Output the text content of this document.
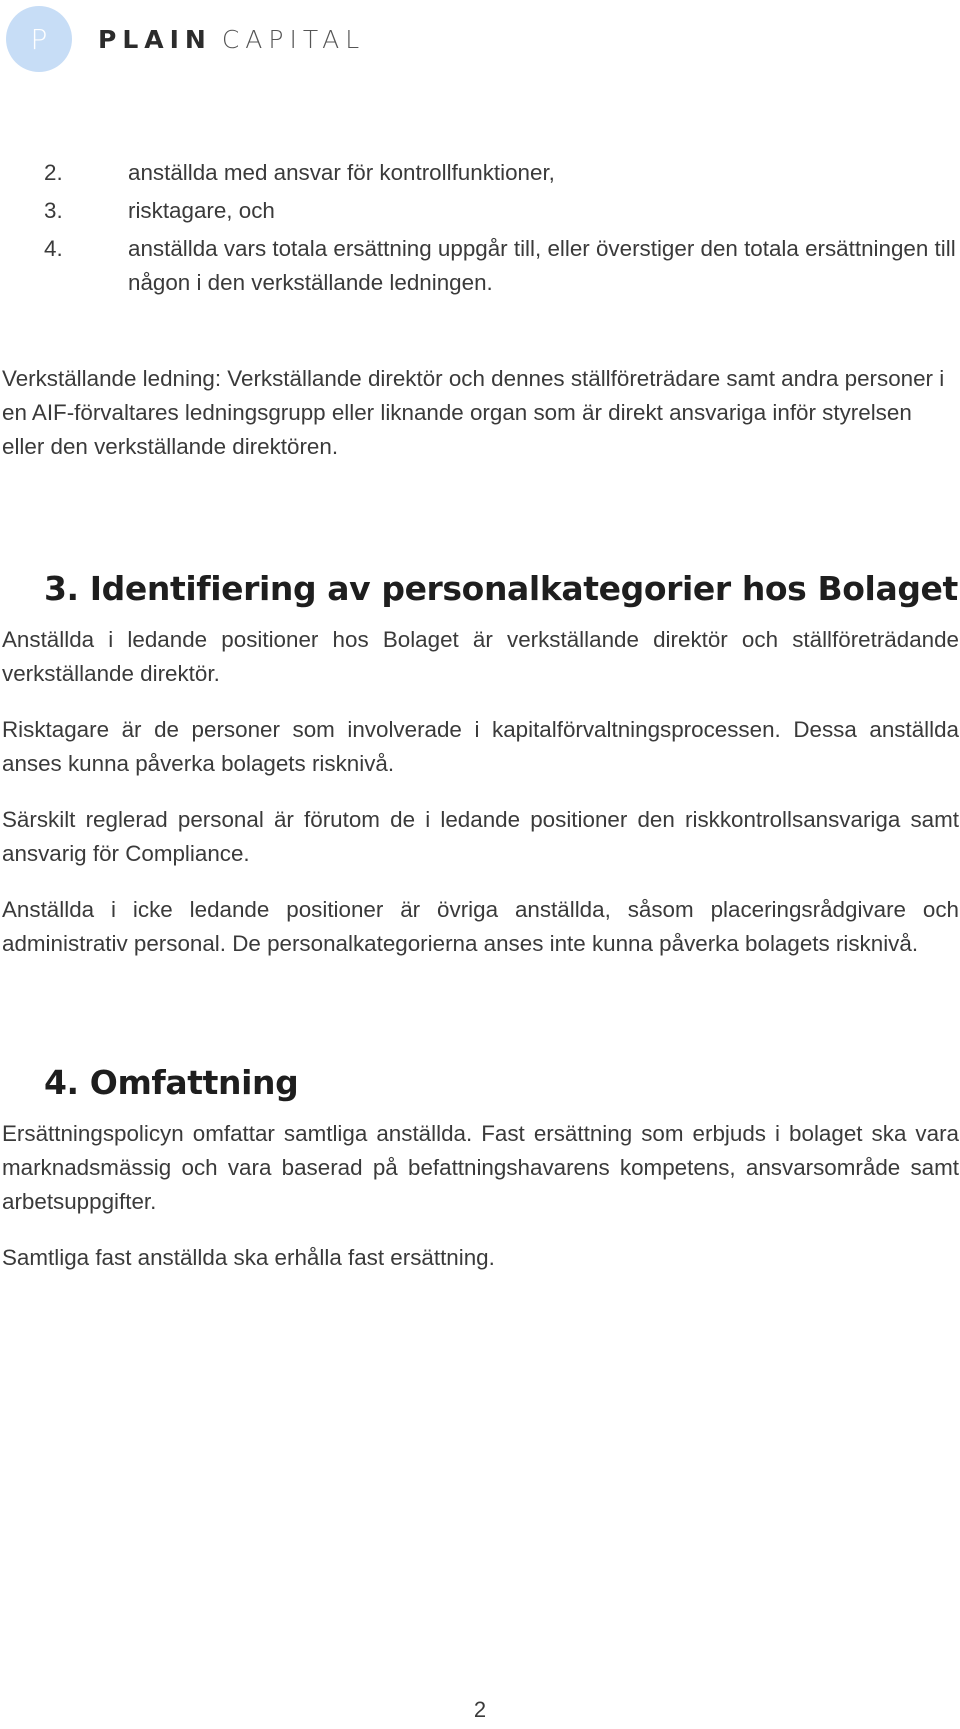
P PLAIN CAPITAL
2.	anställda med ansvar för kontrollfunktioner,
3.	risktagare, och
4.	anställda vars totala ersättning uppgår till, eller överstiger den totala ersättningen till någon i den verkställande ledningen.

Verkställande ledning: Verkställande direktör och dennes ställföreträdare samt andra personer i en AIF-förvaltares ledningsgrupp eller liknande organ som är direkt ansvariga inför styrelsen eller den verkställande direktören.

3. Identifiering av personalkategorier hos Bolaget

Anställda i ledande positioner hos Bolaget är verkställande direktör och ställföreträdande verkställande direktör.

Risktagare är de personer som involverade i kapitalförvaltningsprocessen. Dessa anställda anses kunna påverka bolagets risknivå.

Särskilt reglerad personal är förutom de i ledande positioner den riskkontrollsansvariga samt ansvarig för Compliance.

Anställda i icke ledande positioner är övriga anställda, såsom placeringsrådgivare och administrativ personal. De personalkategorierna anses inte kunna påverka bolagets risknivå.

4. Omfattning

Ersättningspolicyn omfattar samtliga anställda. Fast ersättning som erbjuds i bolaget ska vara marknadsmässig och vara baserad på befattningshavarens kompetens, ansvarsområde samt arbetsuppgifter.

Samtliga fast anställda ska erhålla fast ersättning.

2
